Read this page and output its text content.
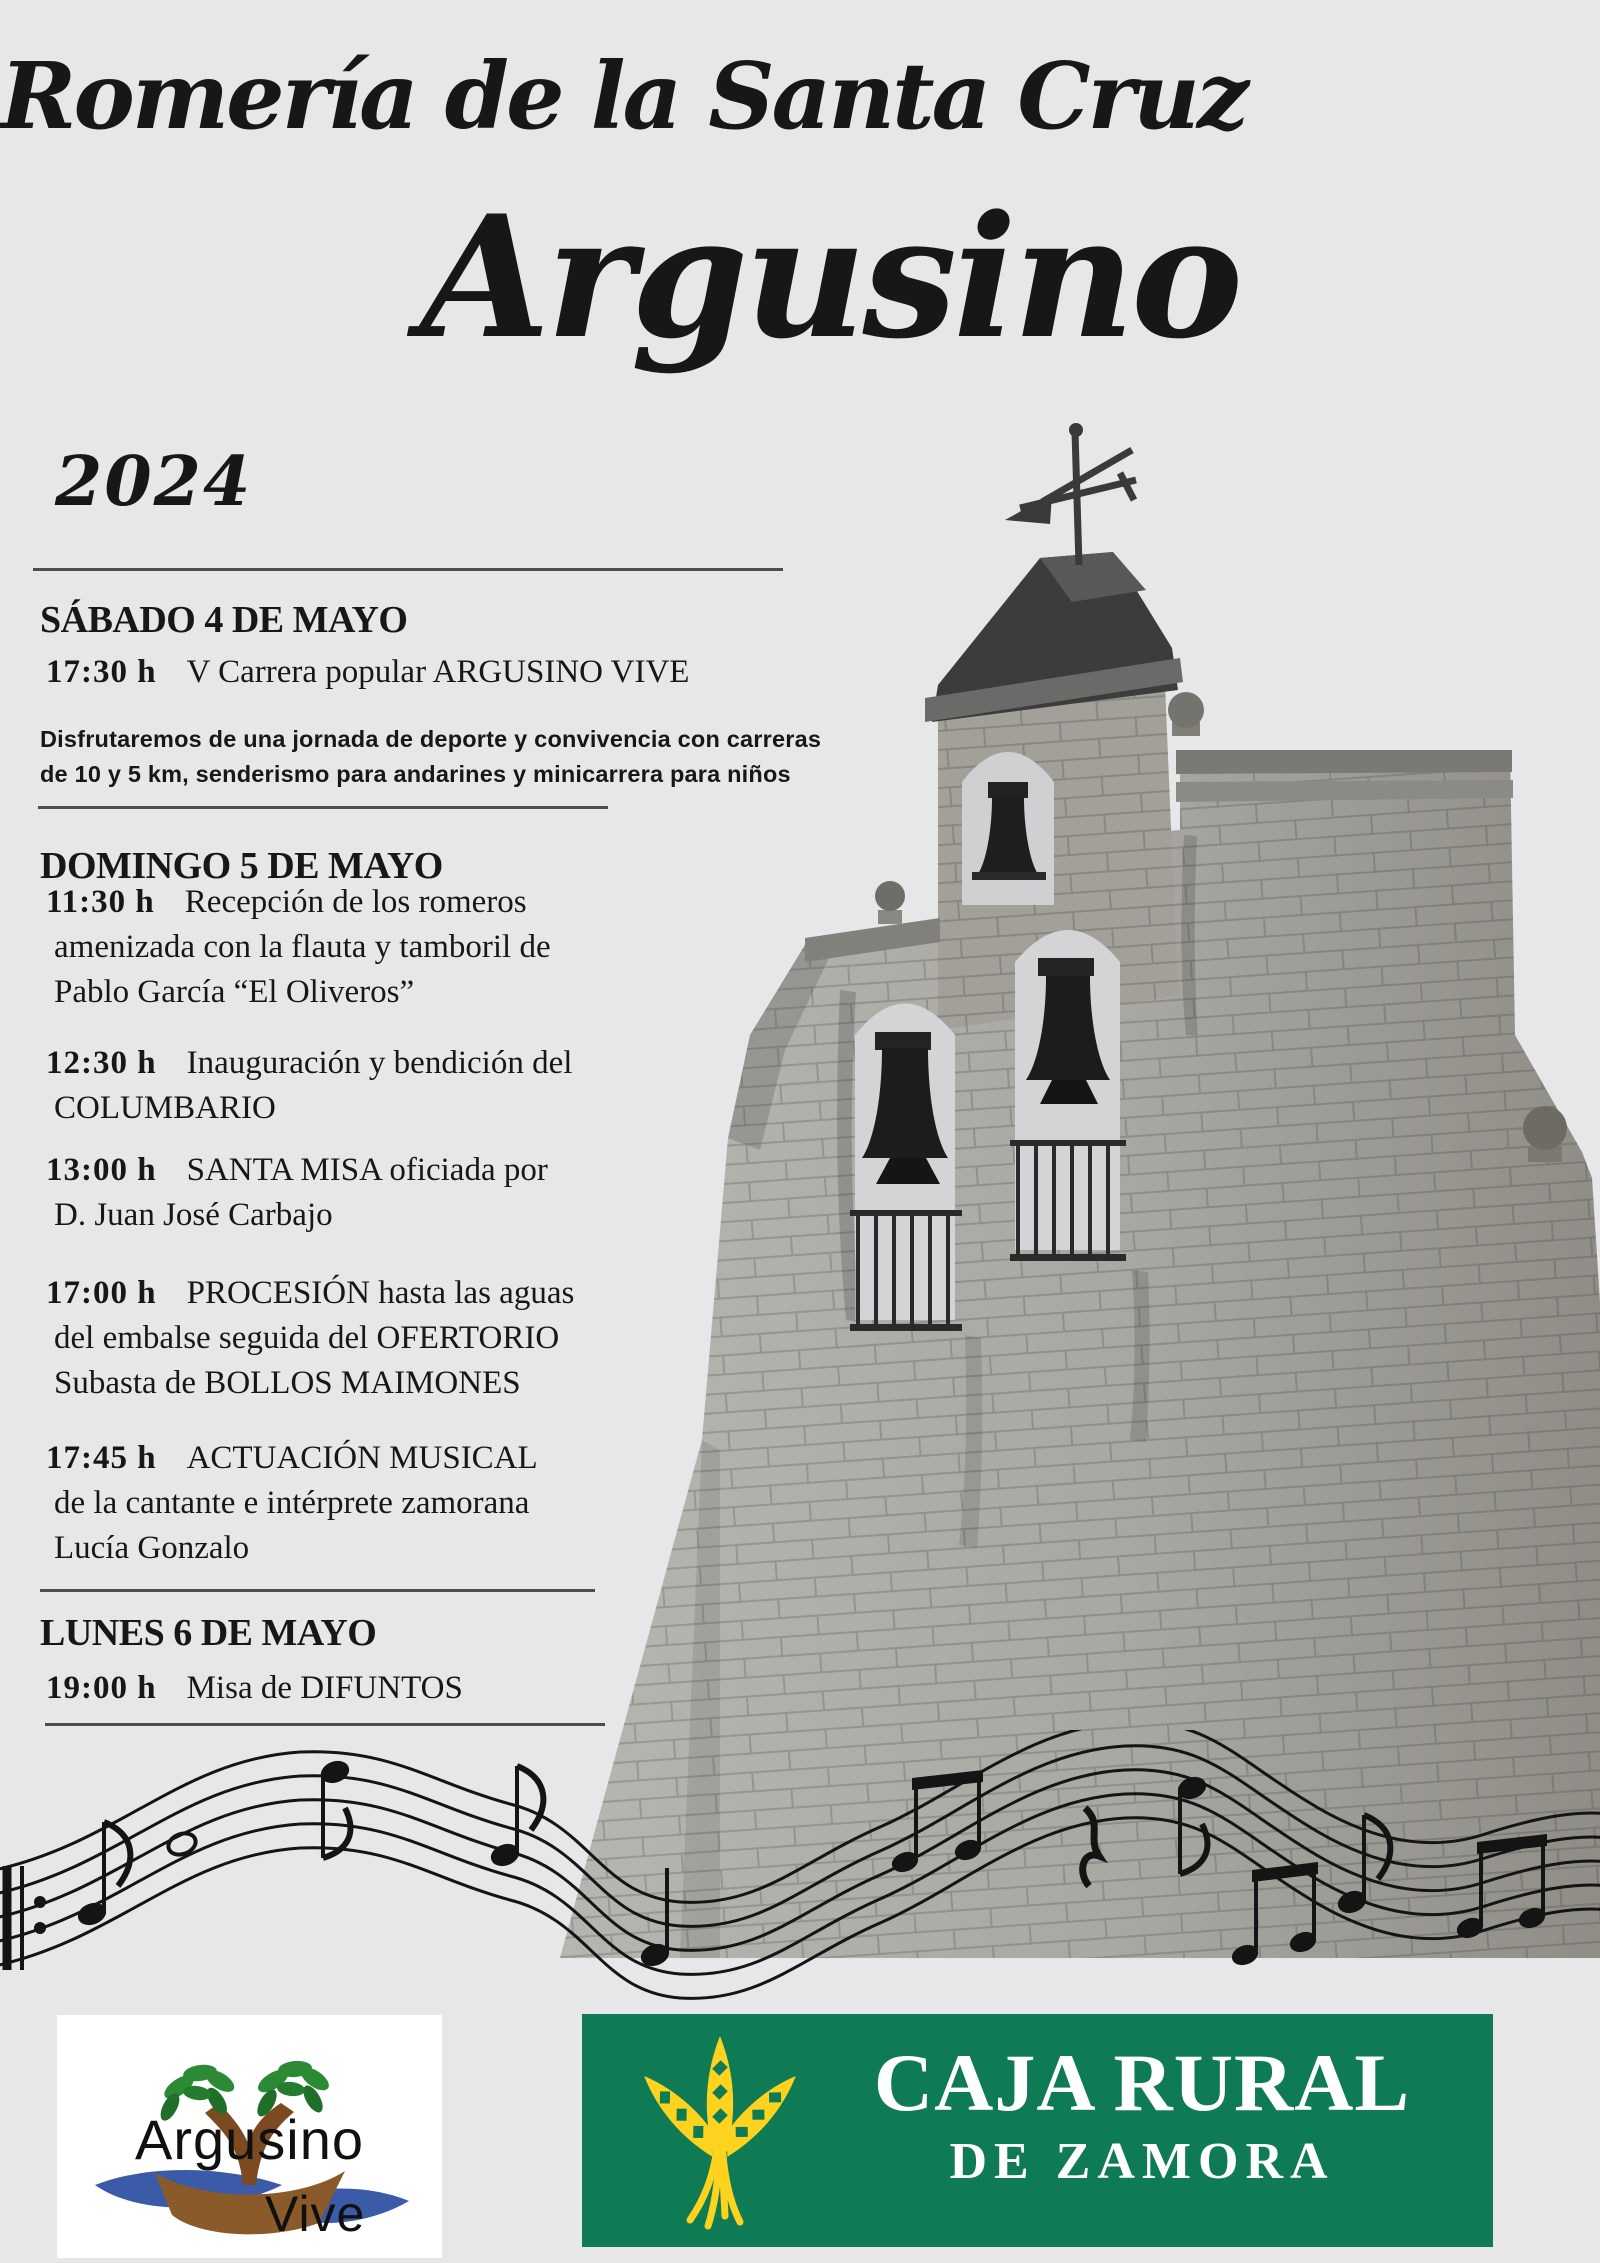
Romería de la Santa Cruz
Argusino
2024
SÁBADO 4 DE MAYO
17:30 h V Carrera popular ARGUSINO VIVE
Disfrutaremos de una jornada de deporte y convivencia con carreras
de 10 y 5 km, senderismo para andarines y minicarrera para niños
DOMINGO 5 DE MAYO
11:30 h Recepción de los romeros
amenizada con la flauta y tamboril de
Pablo García “El Oliveros”
12:30 h Inauguración y bendición del
COLUMBARIO
13:00 h SANTA MISA oficiada por
D. Juan José Carbajo
17:00 h PROCESIÓN hasta las aguas
del embalse seguida del OFERTORIO
Subasta de BOLLOS MAIMONES
17:45 h ACTUACIÓN MUSICAL
de la cantante e intérprete zamorana
Lucía Gonzalo
LUNES 6 DE MAYO
19:00 h Misa de DIFUNTOS
Argusino
Vive
CAJA RURAL
DE ZAMORA
